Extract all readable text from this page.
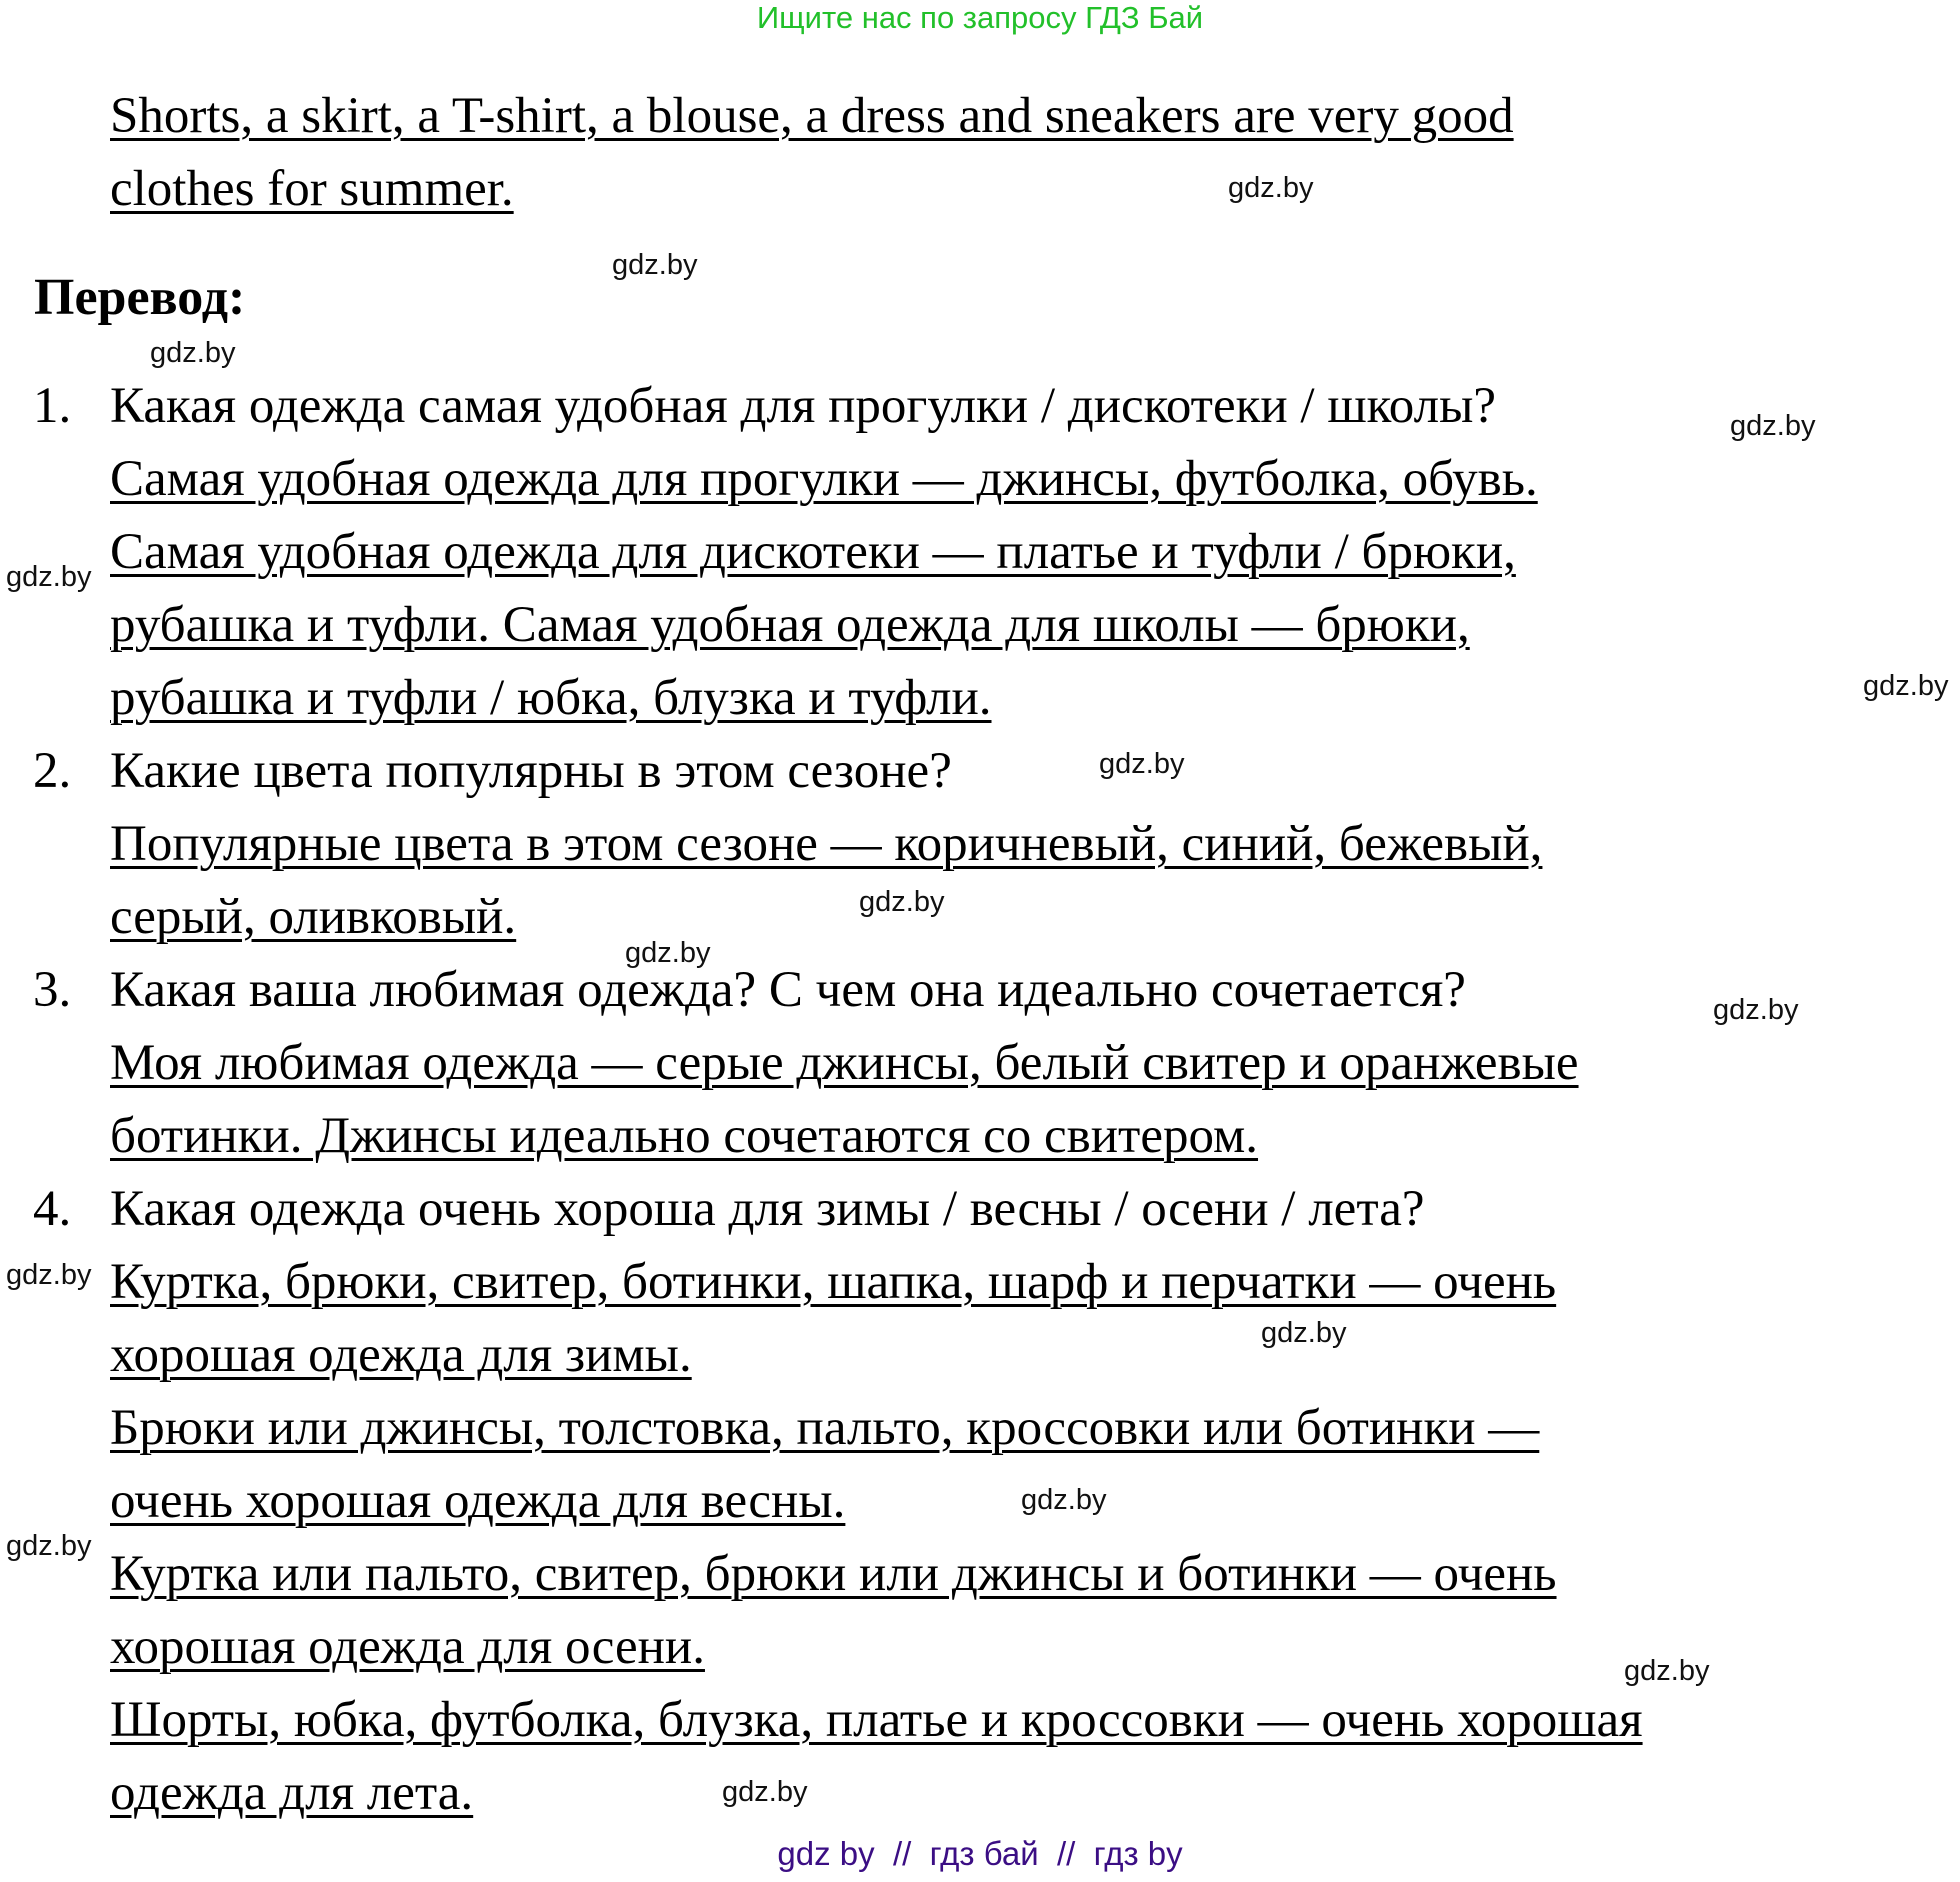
Ищите нас по запросу ГДЗ Бай
Shorts, a skirt, a T-shirt, a blouse, a dress and sneakers are very good
clothes for summer.
Перевод:
1. Какая одежда самая удобная для прогулки / дискотеки / школы?
Самая удобная одежда для прогулки — джинсы, футболка, обувь.
Самая удобная одежда для дискотеки — платье и туфли / брюки,
рубашка и туфли. Самая удобная одежда для школы — брюки,
рубашка и туфли / юбка, блузка и туфли.
2. Какие цвета популярны в этом сезоне?
Популярные цвета в этом сезоне — коричневый, синий, бежевый,
серый, оливковый.
3. Какая ваша любимая одежда? С чем она идеально сочетается?
Моя любимая одежда — серые джинсы, белый свитер и оранжевые
ботинки. Джинсы идеально сочетаются со свитером.
4. Какая одежда очень хороша для зимы / весны / осени / лета?
Куртка, брюки, свитер, ботинки, шапка, шарф и перчатки — очень
хорошая одежда для зимы.
Брюки или джинсы, толстовка, пальто, кроссовки или ботинки —
очень хорошая одежда для весны.
Куртка или пальто, свитер, брюки или джинсы и ботинки — очень
хорошая одежда для осени.
Шорты, юбка, футболка, блузка, платье и кроссовки — очень хорошая
одежда для лета.
gdz.by
gdz.by
gdz.by
gdz.by
gdz.by
gdz.by
gdz.by
gdz.by
gdz.by
gdz.by
gdz.by
gdz.by
gdz.by
gdz.by
gdz.by
gdz.by
gdz by  //  гдз бай  //  гдз by
